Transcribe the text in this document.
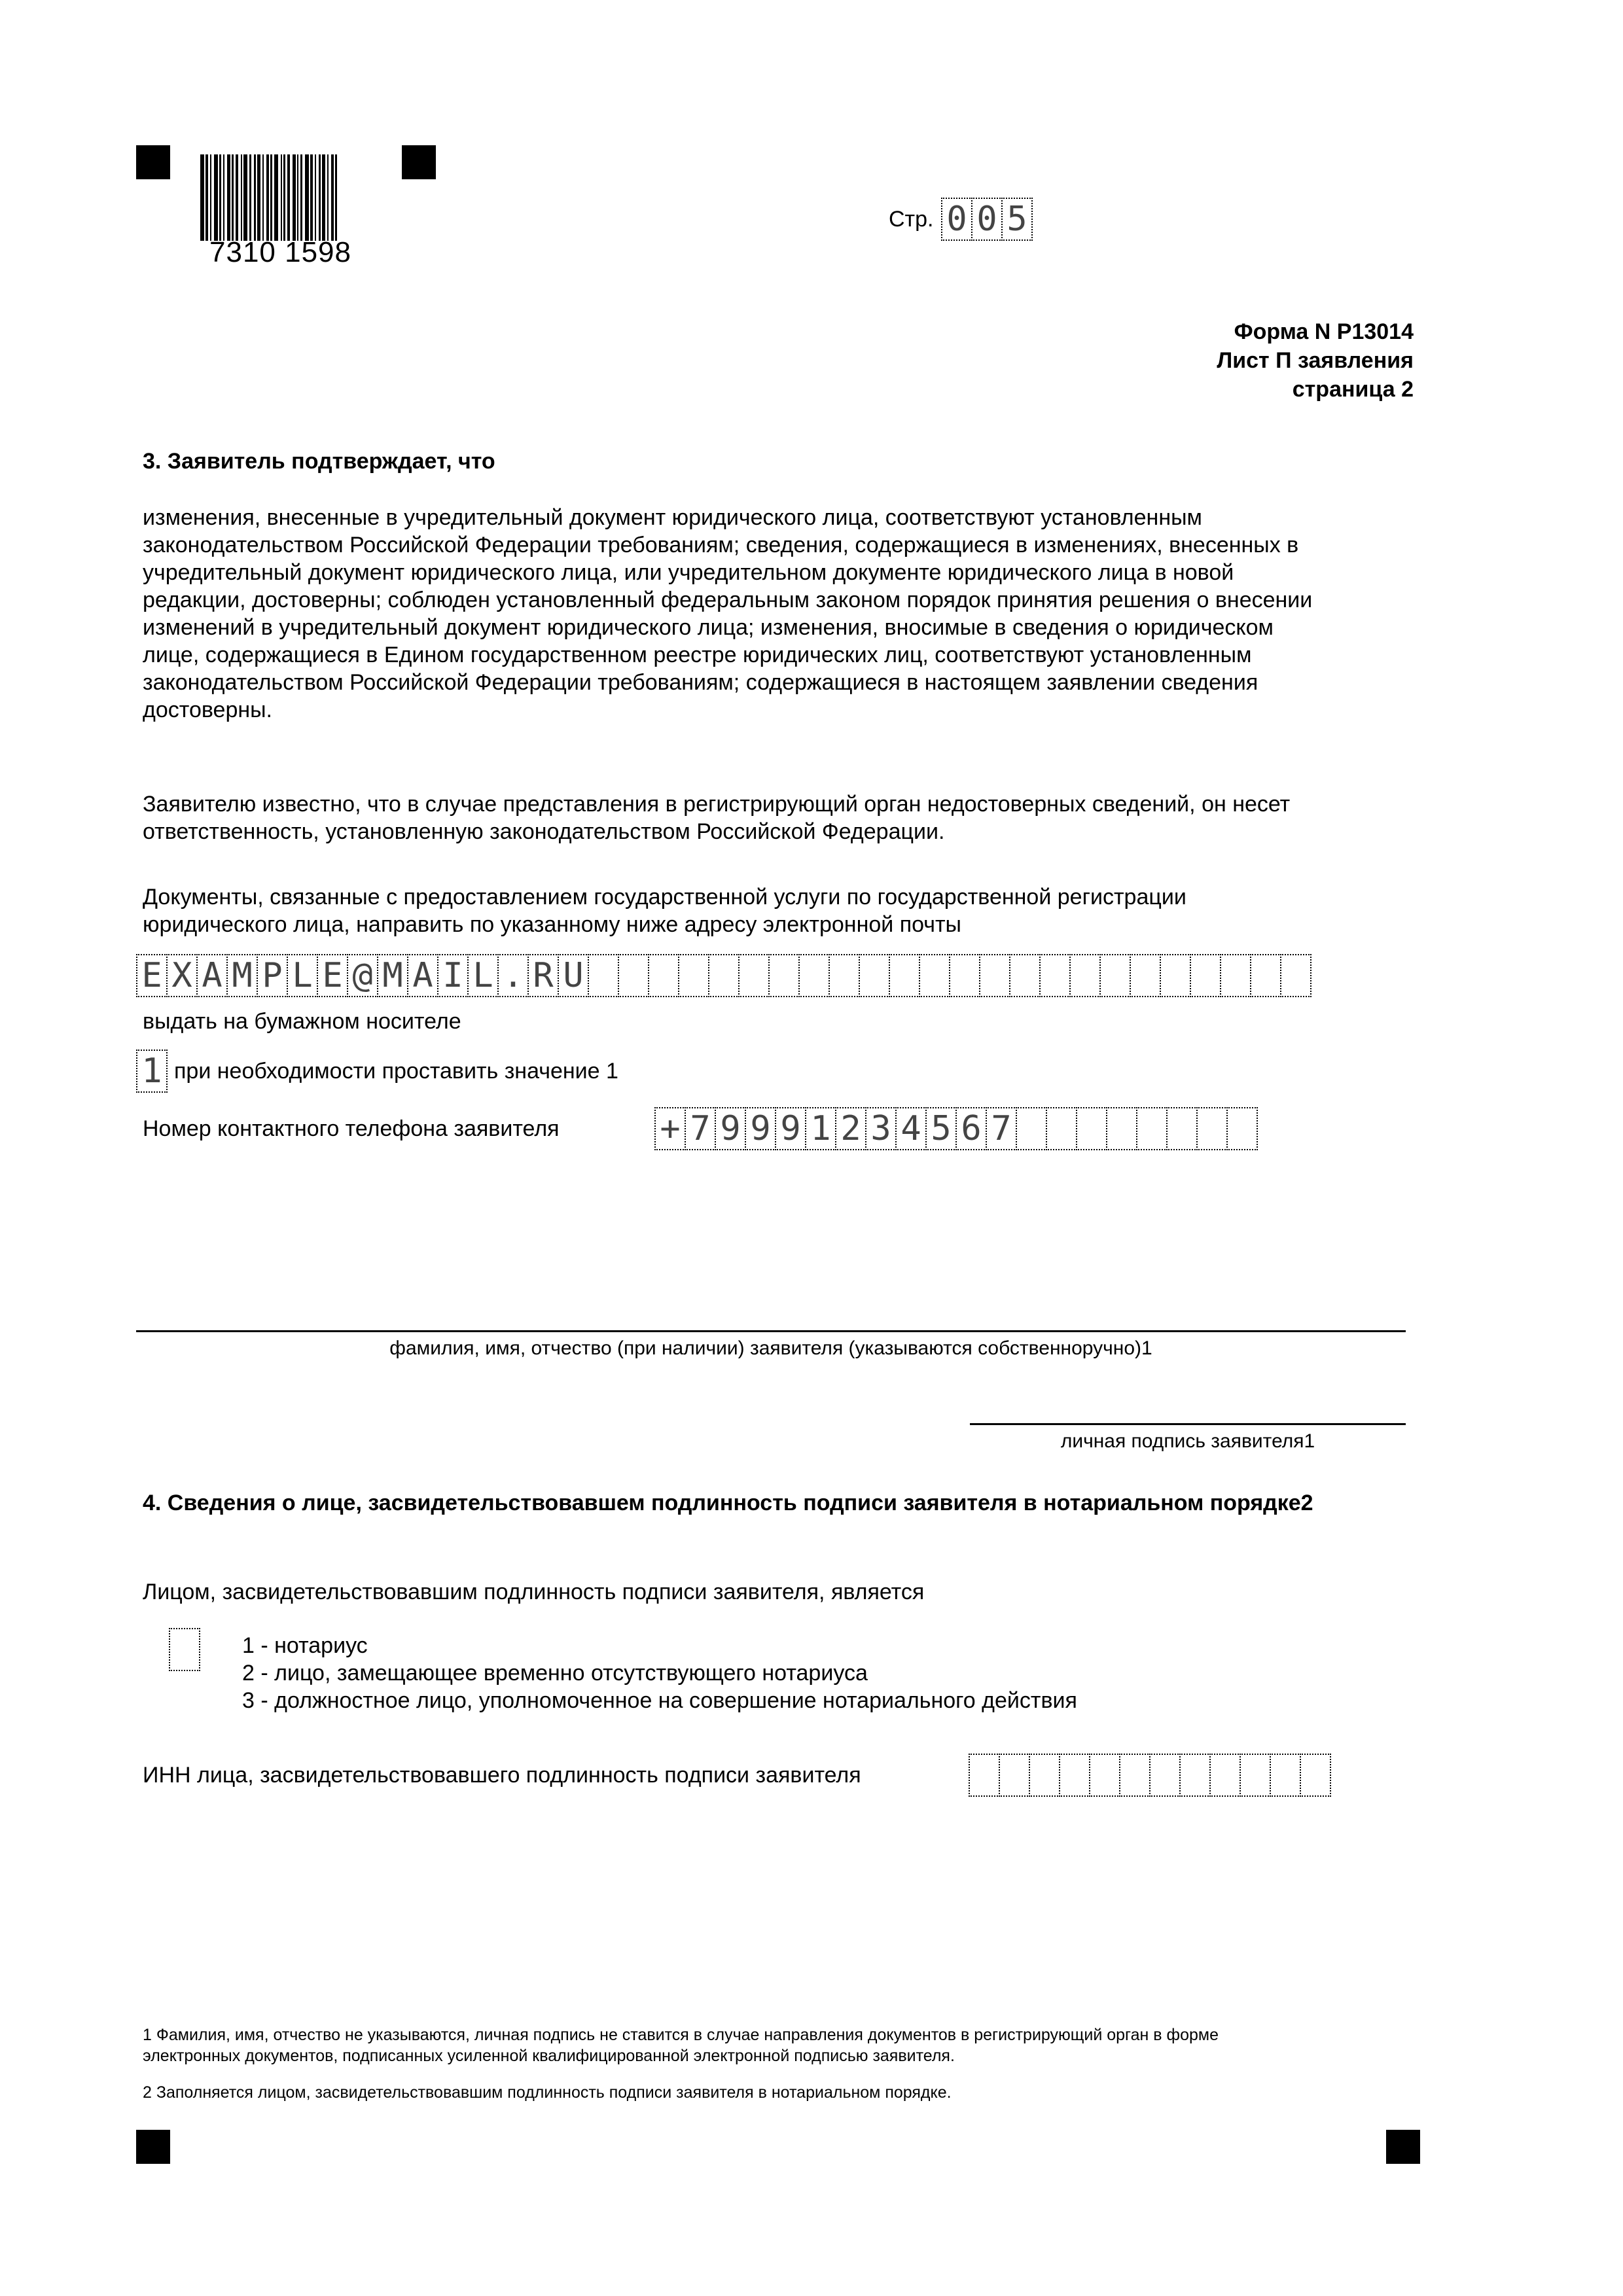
7310 1598
Стр. 0 0 5
Форма N Р13014
Лист П заявления
страница 2
3. Заявитель подтверждает, что
изменения, внесенные в учредительный документ юридического лица, соответствуют установленным
законодательством Российской Федерации требованиям; сведения, содержащиеся в изменениях, внесенных в
учредительный документ юридического лица, или учредительном документе юридического лица в новой
редакции, достоверны; соблюден установленный федеральным законом порядок принятия решения о внесении
изменений в учредительный документ юридического лица; изменения, вносимые в сведения о юридическом
лице, содержащиеся в Едином государственном реестре юридических лиц, соответствуют установленным
законодательством Российской Федерации требованиям; содержащиеся в настоящем заявлении сведения
достоверны.
Заявителю известно, что в случае представления в регистрирующий орган недостоверных сведений, он несет
ответственность, установленную законодательством Российской Федерации.
Документы, связанные с предоставлением государственной услуги по государственной регистрации
юридического лица, направить по указанному ниже адресу электронной почты
E X A M P L E @ M A I L . R U
выдать на бумажном носителе
1 при необходимости проставить значение 1
Номер контактного телефона заявителя	+ 7 9 9 9 1 2 3 4 5 6 7
фамилия, имя, отчество (при наличии) заявителя (указываются собственноручно)1
личная подпись заявителя1
4. Сведения о лице, засвидетельствовавшем подлинность подписи заявителя в нотариальном порядке2
Лицом, засвидетельствовавшим подлинность подписи заявителя, является
1 - нотариус
2 - лицо, замещающее временно отсутствующего нотариуса
3 - должностное лицо, уполномоченное на совершение нотариального действия
ИНН лица, засвидетельствовавшего подлинность подписи заявителя
1 Фамилия, имя, отчество не указываются, личная подпись не ставится в случае направления документов в регистрирующий орган в форме
электронных документов, подписанных усиленной квалифицированной электронной подписью заявителя.
2 Заполняется лицом, засвидетельствовавшим подлинность подписи заявителя в нотариальном порядке.
